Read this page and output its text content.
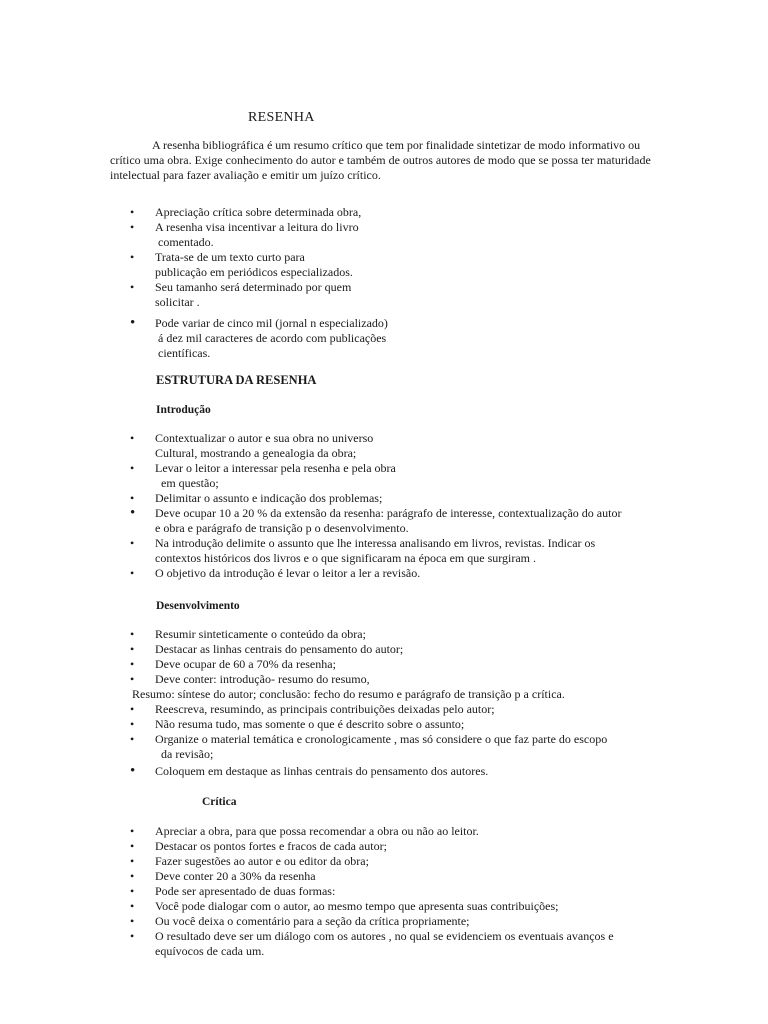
RESENHA

A resenha bibliográfica é um resumo crítico que tem por finalidade sintetizar de modo informativo ou crítico uma obra. Exige conhecimento do autor e também de outros autores de modo que se possa ter maturidade intelectual para fazer avaliação e emitir um juízo crítico.

• Apreciação crítica sobre determinada obra,
• A resenha visa incentivar a leitura do livro
comentado.
• Trata-se de um texto curto para
publicação em periódicos especializados.
• Seu tamanho será determinado por quem
solicitar .
• Pode variar de cinco mil (jornal n especializado)
á dez mil caracteres de acordo com publicações
científicas.
ESTRUTURA DA RESENHA
Introdução
• Contextualizar o autor e sua obra no universo
Cultural, mostrando a genealogia da obra;
• Levar o leitor a interessar pela resenha e pela obra
em questão;
• Delimitar o assunto e indicação dos problemas;
• Deve ocupar 10 a 20 % da extensão da resenha: parágrafo de interesse, contextualização do autor
e obra e parágrafo de transição p o desenvolvimento.
• Na introdução delimite o assunto que lhe interessa analisando em livros, revistas. Indicar os
contextos históricos dos livros e o que significaram na época em que surgiram .
• O objetivo da introdução é levar o leitor a ler a revisão.
Desenvolvimento
• Resumir sinteticamente o conteúdo da obra;
• Destacar as linhas centrais do pensamento do autor;
• Deve ocupar de 60 a 70% da resenha;
• Deve conter: introdução- resumo do resumo,
Resumo: síntese do autor; conclusão: fecho do resumo e parágrafo de transição p a crítica.
• Reescreva, resumindo, as principais contribuições deixadas pelo autor;
• Não resuma tudo, mas somente o que é descrito sobre o assunto;
• Organize o material temática e cronologicamente , mas só considere o que faz parte do escopo
da revisão;
• Coloquem em destaque as linhas centrais do pensamento dos autores.
Crítica
• Apreciar a obra, para que possa recomendar a obra ou não ao leitor.
• Destacar os pontos fortes e fracos de cada autor;
• Fazer sugestões ao autor e ou editor da obra;
• Deve conter 20 a 30% da resenha
• Pode ser apresentado de duas formas:
• Você pode dialogar com o autor, ao mesmo tempo que apresenta suas contribuições;
• Ou você deixa o comentário para a seção da crítica propriamente;
• O resultado deve ser um diálogo com os autores , no qual se evidenciem os eventuais avanços e
equívocos de cada um.
